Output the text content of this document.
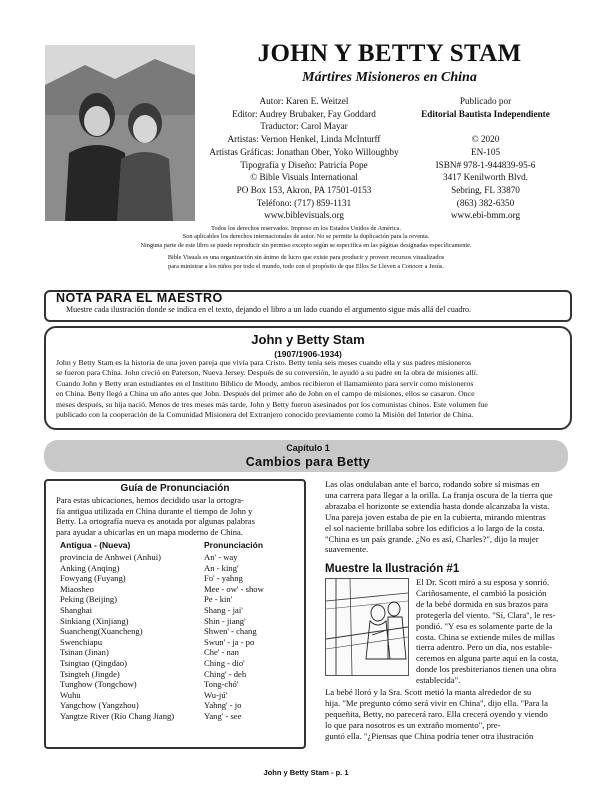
JOHN Y BETTY STAM
Mártires Misioneros en China
Autor: Karen E. Weitzel
Editor: Audrey Brubaker, Fay Goddard
Traductor: Carol Mayar
Artistas: Vernon Henkel, Linda McInturff
Artistas Gráficas: Jonathan Ober, Yoko Willoughby
Tipografía y Diseño: Patricia Pope
© Bible Visuals International
PO Box 153, Akron, PA 17501-0153
Teléfono: (717) 859-1131
www.biblevisuals.org
Publicado por
Editorial Bautista Independiente

© 2020
EN-105
ISBN# 978-1-944839-95-6
3417 Kenilworth Blvd.
Sebring, FL 33870
(863) 382-6350
www.ebi-bmm.org
Todos los derechos reservados. Impreso en los Estados Unidos de América.
Son aplicables los derechos internacionales de autor. No se permite la duplicación para la reventa.
Ninguna parte de este libro se puede reproducir sin permiso excepto según se especifica en las páginas designadas específicamente.
Bible Visuals es una organización sin ánimo de lucro que existe para producir y proveer recursos visualizados
para ministrar a los niños por todo el mundo, todo con el propósito de que Ellos Se Lleven a Conocer a Jesús.
NOTA PARA EL MAESTRO
Muestre cada ilustración donde se indica en el texto, dejando el libro a un lado cuando el argumento sigue más allá del cuadro.
John y Betty Stam
(1907/1906-1934)
John y Betty Stam es la historia de una joven pareja que vivía para Cristo. Betty tenía seis meses cuando ella y sus padres misioneros
se fueron para China. John creció en Paterson, Nueva Jersey. Después de su conversión, le ayudó a su padre en la obra de misiones allí.
Cuando John y Betty eran estudiantes en el Instituto Bíblico de Moody, ambos recibieron el llamamiento para servir como misioneros
en China. Betty llegó a China un año antes que John. Después del primer año de John en el campo de misiones, ellos se casaron. Once
meses después, su hija nació. Menos de tres meses más tarde, John y Betty fueron asesinados por los comunistas chinos. Este volumen fue
publicado con la cooperación de la Comunidad Misionera del Extranjero conocido previamente como la Misión del Interior de China.
Capítulo 1
Cambios para Betty
Guía de Pronunciación
Para estas ubicaciones, hemos decidido usar la ortogra-
fía antigua utilizada en China durante el tiempo de John y
Betty. La ortografía nueva es anotada por algunas palabras
para ayudar a ubicarlas en un mapa moderno de China.
Antigua - (Nueva)	Pronunciación
provincia de Anhwei (Anhui)	An' - way
Anking (Anqing)	An - king'
Fowyang (Fuyang)	Fo' - yahng
Miaosheo	Mee - ow' - show
Peking (Beijing)	Pe - kin'
Shanghai	Shang - jai'
Sinkiang (Xinjiang)	Shin - jiang'
Suancheng(Xuancheng)	Shwen' - chang
Swenchiapu	Swun' - ja - po
Tsinan (Jinan)	Che' - nan
Tsingtao (Qingdao)	Ching - dio'
Tsingteh (Jingde)	Ching' - deh
Tunghow (Tongchow)	Tong-chó'
Wuhu	Wu-jú'
Yangchow (Yangzhou)	Yahng' - jo
Yangtze River (Río Chang Jiang)	Yang' - see
Las olas ondulaban ante el barco, rodando sobre sí mismas en
una carrera para llegar a la orilla. La franja oscura de la tierra que
abrazaba el horizonte se extendía hasta donde alcanzaba la vista.
Una pareja joven estaba de pie en la cubierta, mirando mientras
el sol naciente brillaba sobre los edificios a lo largo de la costa.
"China es un país grande. ¿No es así, Charles?", dijo la mujer
suavemente.
Muestre la Ilustración #1
El Dr. Scott miró a su esposa y sonrió.
Cariñosamente, el cambió la posición
de la bebé dormida en sus brazos para
protegerla del viento. "Sí, Clara", le res-
pondió. "Y esa es solamente parte de la
costa. China se extiende miles de millas
tierra adentro. Pero un día, nos estable-
ceremos en alguna parte aquí en la costa,
donde los presbiterianos tienen una obra
establecida".
La bebé lloró y la Sra. Scott metió la manta alrededor de su
hija. "Me pregunto cómo será vivir en China", dijo ella. "Para la
pequeñita, Betty, no parecerá raro. Ella crecerá oyendo y viendo
lo que para nosotros es un extraño momento", pre-
guntó ella. "¿Piensas que China podría tener otra ilustración
John y Betty Stam - p. 1
